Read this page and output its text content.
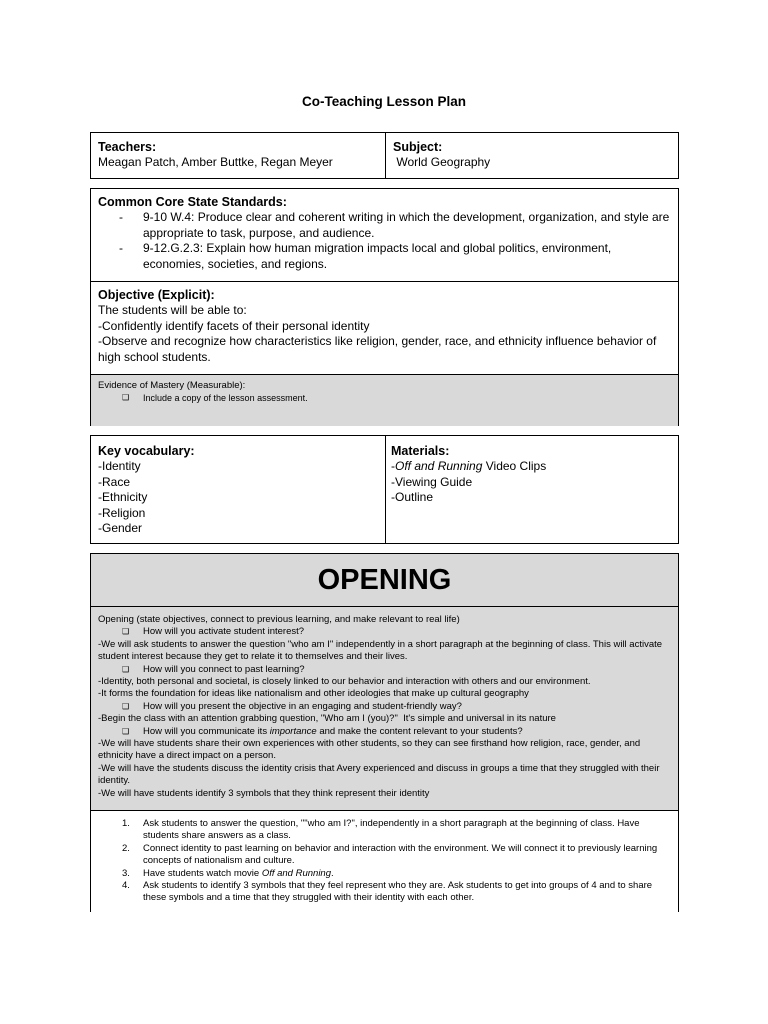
Co-Teaching Lesson Plan
Teachers:
Meagan Patch, Amber Buttke, Regan Meyer
Subject:
World Geography
Common Core State Standards:
- 9-10 W.4: Produce clear and coherent writing in which the development, organization, and style are appropriate to task, purpose, and audience.
- 9-12.G.2.3: Explain how human migration impacts local and global politics, environment, economies, societies, and regions.
Objective (Explicit):
The students will be able to:
-Confidently identify facets of their personal identity
-Observe and recognize how characteristics like religion, gender, race, and ethnicity influence behavior of high school students.
Evidence of Mastery (Measurable):
❑ Include a copy of the lesson assessment.
Key vocabulary:
-Identity
-Race
-Ethnicity
-Religion
-Gender
Materials:
-Off and Running Video Clips
-Viewing Guide
-Outline
OPENING
Opening (state objectives, connect to previous learning, and make relevant to real life)
❑ How will you activate student interest?
-We will ask students to answer the question "who am I" independently in a short paragraph at the beginning of class. This will activate student interest because they get to relate it to themselves and their lives.
❑ How will you connect to past learning?
-Identity, both personal and societal, is closely linked to our behavior and interaction with others and our environment.
-It forms the foundation for ideas like nationalism and other ideologies that make up cultural geography
❑ How will you present the objective in an engaging and student-friendly way?
-Begin the class with an attention grabbing question, "Who am I (you)?"  It's simple and universal in its nature
❑ How will you communicate its importance and make the content relevant to your students?
-We will have students share their own experiences with other students, so they can see firsthand how religion, race, gender, and ethnicity have a direct impact on a person.
-We will have the students discuss the identity crisis that Avery experienced and discuss in groups a time that they struggled with their identity.
-We will have students identify 3 symbols that they think represent their identity
1. Ask students to answer the question, ""who am I?", independently in a short paragraph at the beginning of class. Have students share answers as a class.
2. Connect identity to past learning on behavior and interaction with the environment. We will connect it to previously learning concepts of nationalism and culture.
3. Have students watch movie Off and Running.
4. Ask students to identify 3 symbols that they feel represent who they are. Ask students to get into groups of 4 and to share these symbols and a time that they struggled with their identity with each other.
